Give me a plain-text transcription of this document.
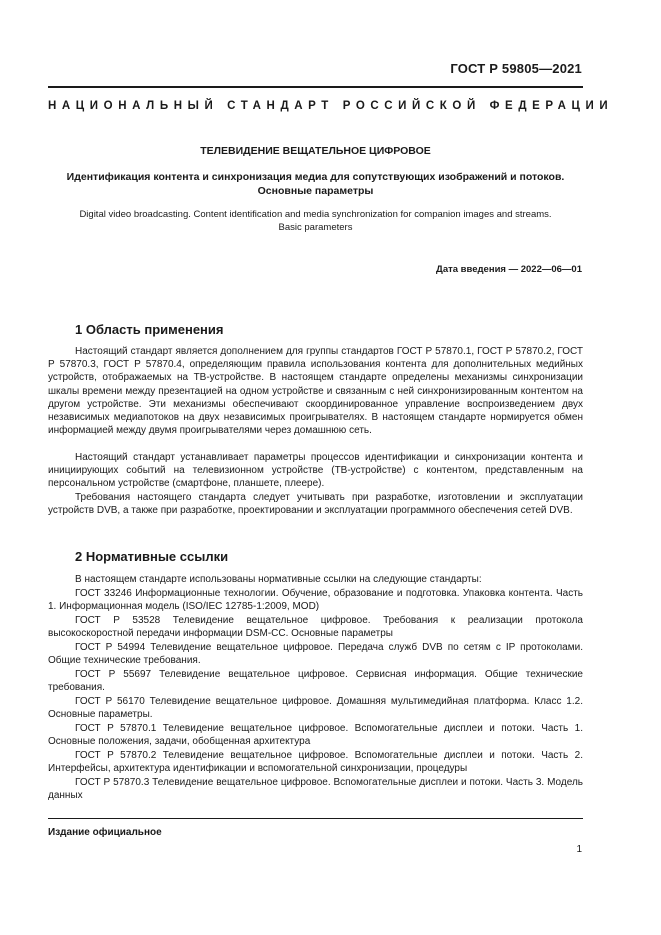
ГОСТ Р 59805—2021
НАЦИОНАЛЬНЫЙ СТАНДАРТ РОССИЙСКОЙ ФЕДЕРАЦИИ
ТЕЛЕВИДЕНИЕ ВЕЩАТЕЛЬНОЕ ЦИФРОВОЕ
Идентификация контента и синхронизация медиа для сопутствующих изображений и потоков.
Основные параметры
Digital video broadcasting. Content identification and media synchronization for companion images and streams.
Basic parameters
Дата введения — 2022—06—01
1 Область применения

Настоящий стандарт является дополнением для группы стандартов ГОСТ Р 57870.1, ГОСТ Р 57870.2, ГОСТ Р 57870.3, ГОСТ Р 57870.4, определяющим правила использования контента для дополнительных медийных устройств, отображаемых на ТВ-устройстве. В настоящем стандарте определены механизмы синхронизации шкалы времени между презентацией на одном устройстве и связанным с ней синхронизированным контентом на другом устройстве. Эти механизмы обеспечивают скоординированное управление воспроизведением двух независимых медиапотоков на двух независимых проигрывателях. В настоящем стандарте нормируется обмен информацией между двумя проигрывателями через домашнюю сеть.

Настоящий стандарт устанавливает параметры процессов идентификации и синхронизации контента и инициирующих событий на телевизионном устройстве (ТВ-устройстве) с контентом, представленным на персональном устройстве (смартфоне, планшете, плеере).

Требования настоящего стандарта следует учитывать при разработке, изготовлении и эксплуатации устройств DVB, а также при разработке, проектировании и эксплуатации программного обеспечения сетей DVB.

2 Нормативные ссылки

В настоящем стандарте использованы нормативные ссылки на следующие стандарты:

ГОСТ 33246 Информационные технологии. Обучение, образование и подготовка. Упаковка контента. Часть 1. Информационная модель (ISO/IEC 12785-1:2009, MOD)

ГОСТ Р 53528 Телевидение вещательное цифровое. Требования к реализации протокола высокоскоростной передачи информации DSM-CC. Основные параметры

ГОСТ Р 54994 Телевидение вещательное цифровое. Передача служб DVB по сетям с IP протоколами. Общие технические требования.

ГОСТ Р 55697 Телевидение вещательное цифровое. Сервисная информация. Общие технические требования.

ГОСТ Р 56170 Телевидение вещательное цифровое. Домашняя мультимедийная платформа. Класс 1.2. Основные параметры.

ГОСТ Р 57870.1 Телевидение вещательное цифровое. Вспомогательные дисплеи и потоки. Часть 1. Основные положения, задачи, обобщенная архитектура

ГОСТ Р 57870.2 Телевидение вещательное цифровое. Вспомогательные дисплеи и потоки. Часть 2. Интерфейсы, архитектура идентификации и вспомогательной синхронизации, процедуры

ГОСТ Р 57870.3 Телевидение вещательное цифровое. Вспомогательные дисплеи и потоки. Часть 3. Модель данных

Издание официальное
1
